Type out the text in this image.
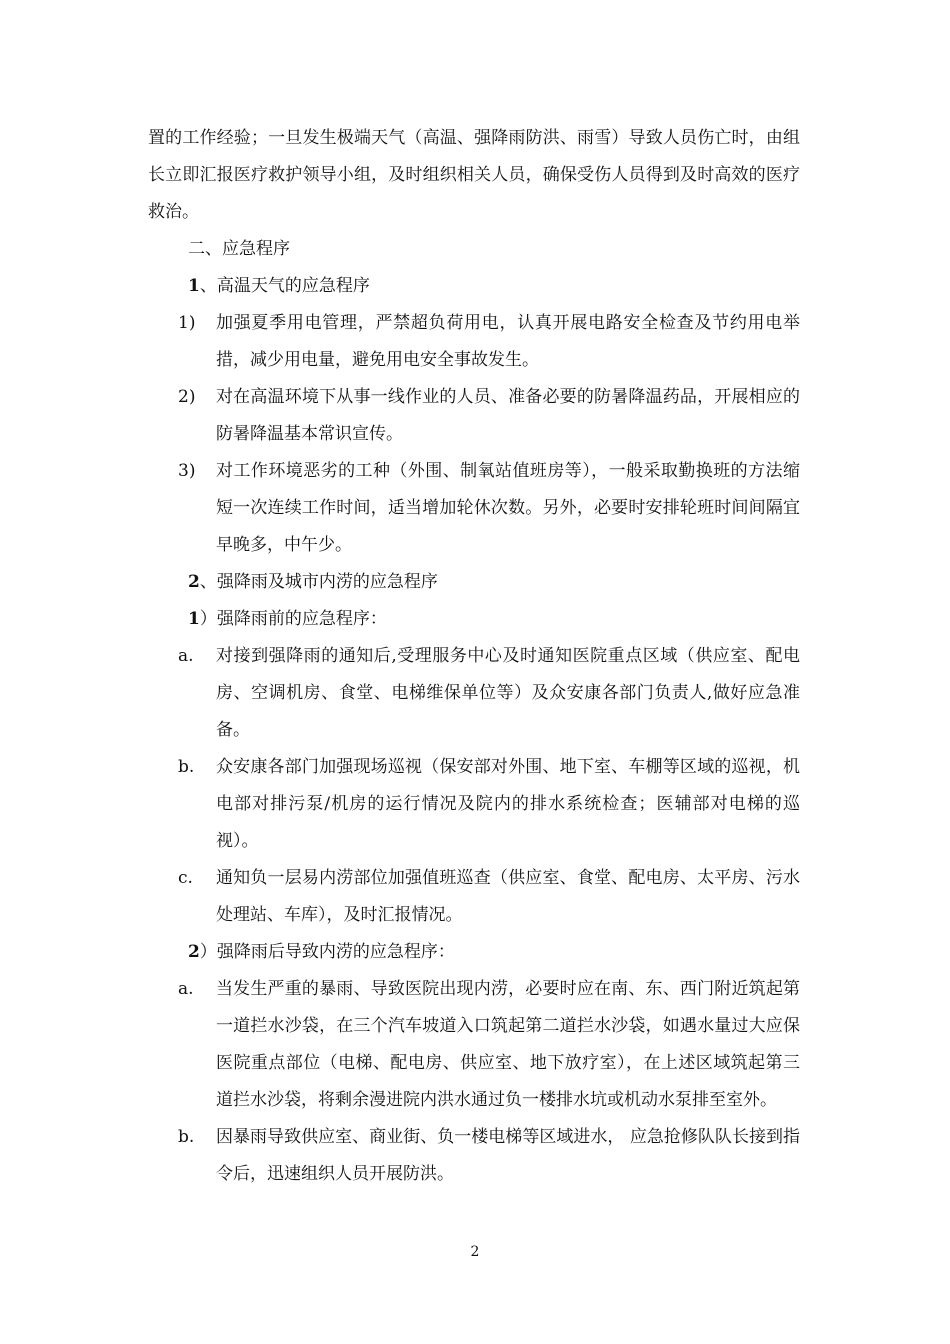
置的工作经验；一旦发生极端天气（高温、强降雨防洪、雨雪）导致人员伤亡时，由组长立即汇报医疗救护领导小组，及时组织相关人员，确保受伤人员得到及时高效的医疗救治。

二、应急程序

1、高温天气的应急程序

1)	加强夏季用电管理，严禁超负荷用电，认真开展电路安全检查及节约用电举措，减少用电量，避免用电安全事故发生。
2)	对在高温环境下从事一线作业的人员、准备必要的防暑降温药品，开展相应的防暑降温基本常识宣传。
3)	对工作环境恶劣的工种（外围、制氧站值班房等），一般采取勤换班的方法缩短一次连续工作时间，适当增加轮休次数。另外，必要时安排轮班时间间隔宜早晚多，中午少。

2、强降雨及城市内涝的应急程序

1）强降雨前的应急程序：

a.	对接到强降雨的通知后,受理服务中心及时通知医院重点区域（供应室、配电房、空调机房、食堂、电梯维保单位等）及众安康各部门负责人,做好应急准备。
b.	众安康各部门加强现场巡视（保安部对外围、地下室、车棚等区域的巡视，机电部对排污泵/机房的运行情况及院内的排水系统检查；医辅部对电梯的巡视）。
c.	通知负一层易内涝部位加强值班巡查（供应室、食堂、配电房、太平房、污水处理站、车库），及时汇报情况。

2）强降雨后导致内涝的应急程序：

a.	当发生严重的暴雨、导致医院出现内涝，必要时应在南、东、西门附近筑起第一道拦水沙袋，在三个汽车坡道入口筑起第二道拦水沙袋，如遇水量过大应保医院重点部位（电梯、配电房、供应室、地下放疗室），在上述区域筑起第三道拦水沙袋，将剩余漫进院内洪水通过负一楼排水坑或机动水泵排至室外。
b.	因暴雨导致供应室、商业街、负一楼电梯等区域进水， 应急抢修队队长接到指令后，迅速组织人员开展防洪。
2
